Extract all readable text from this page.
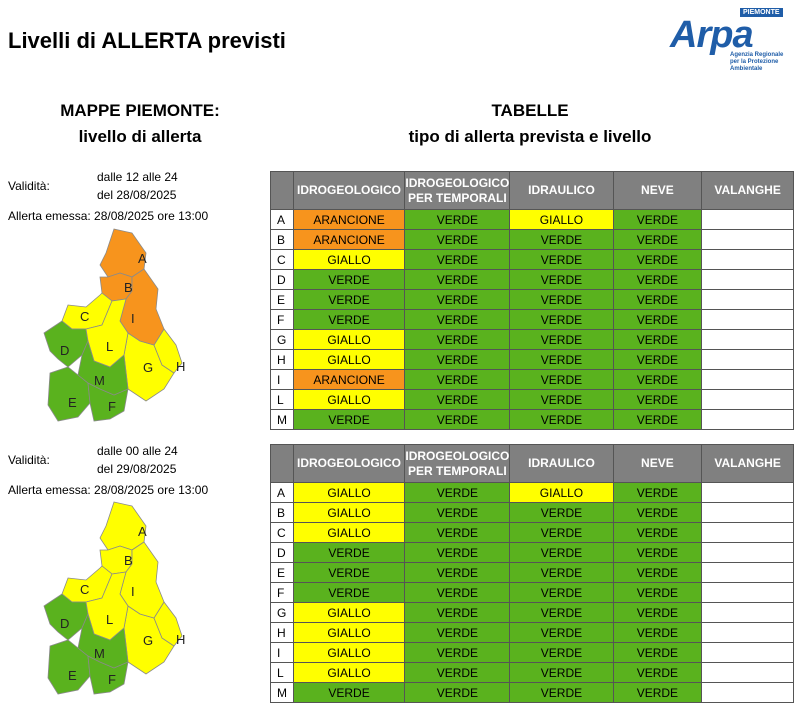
Livelli di ALLERTA previsti
PIEMONTE
Arpa
Agenzia Regionale
per la Protezione Ambientale
MAPPE PIEMONTE:
livello di allerta
TABELLE
tipo di allerta prevista e livello
Validità:
dalle 12 alle 24
del 28/08/2025
Allerta emessa: 28/08/2025 ore 13:00
Validità:
dalle 00 alle 24
del 29/08/2025
Allerta emessa: 28/08/2025 ore 13:00
A
B
C
D
E F
G H
I
L
M
A
B
C
D
E F
G H
I
L
M
	IDROGEOLOGICO	IDROGEOLOGICO PER TEMPORALI	IDRAULICO	NEVE	VALANGHE
A	ARANCIONE	VERDE	GIALLO	VERDE	
B	ARANCIONE	VERDE	VERDE	VERDE	
C	GIALLO	VERDE	VERDE	VERDE	
D	VERDE	VERDE	VERDE	VERDE	
E	VERDE	VERDE	VERDE	VERDE	
F	VERDE	VERDE	VERDE	VERDE	
G	GIALLO	VERDE	VERDE	VERDE	
H	GIALLO	VERDE	VERDE	VERDE	
I	ARANCIONE	VERDE	VERDE	VERDE	
L	GIALLO	VERDE	VERDE	VERDE	
M	VERDE	VERDE	VERDE	VERDE	
	IDROGEOLOGICO	IDROGEOLOGICO PER TEMPORALI	IDRAULICO	NEVE	VALANGHE
A	GIALLO	VERDE	GIALLO	VERDE	
B	GIALLO	VERDE	VERDE	VERDE	
C	GIALLO	VERDE	VERDE	VERDE	
D	VERDE	VERDE	VERDE	VERDE	
E	VERDE	VERDE	VERDE	VERDE	
F	VERDE	VERDE	VERDE	VERDE	
G	GIALLO	VERDE	VERDE	VERDE	
H	GIALLO	VERDE	VERDE	VERDE	
I	GIALLO	VERDE	VERDE	VERDE	
L	GIALLO	VERDE	VERDE	VERDE	
M	VERDE	VERDE	VERDE	VERDE	
